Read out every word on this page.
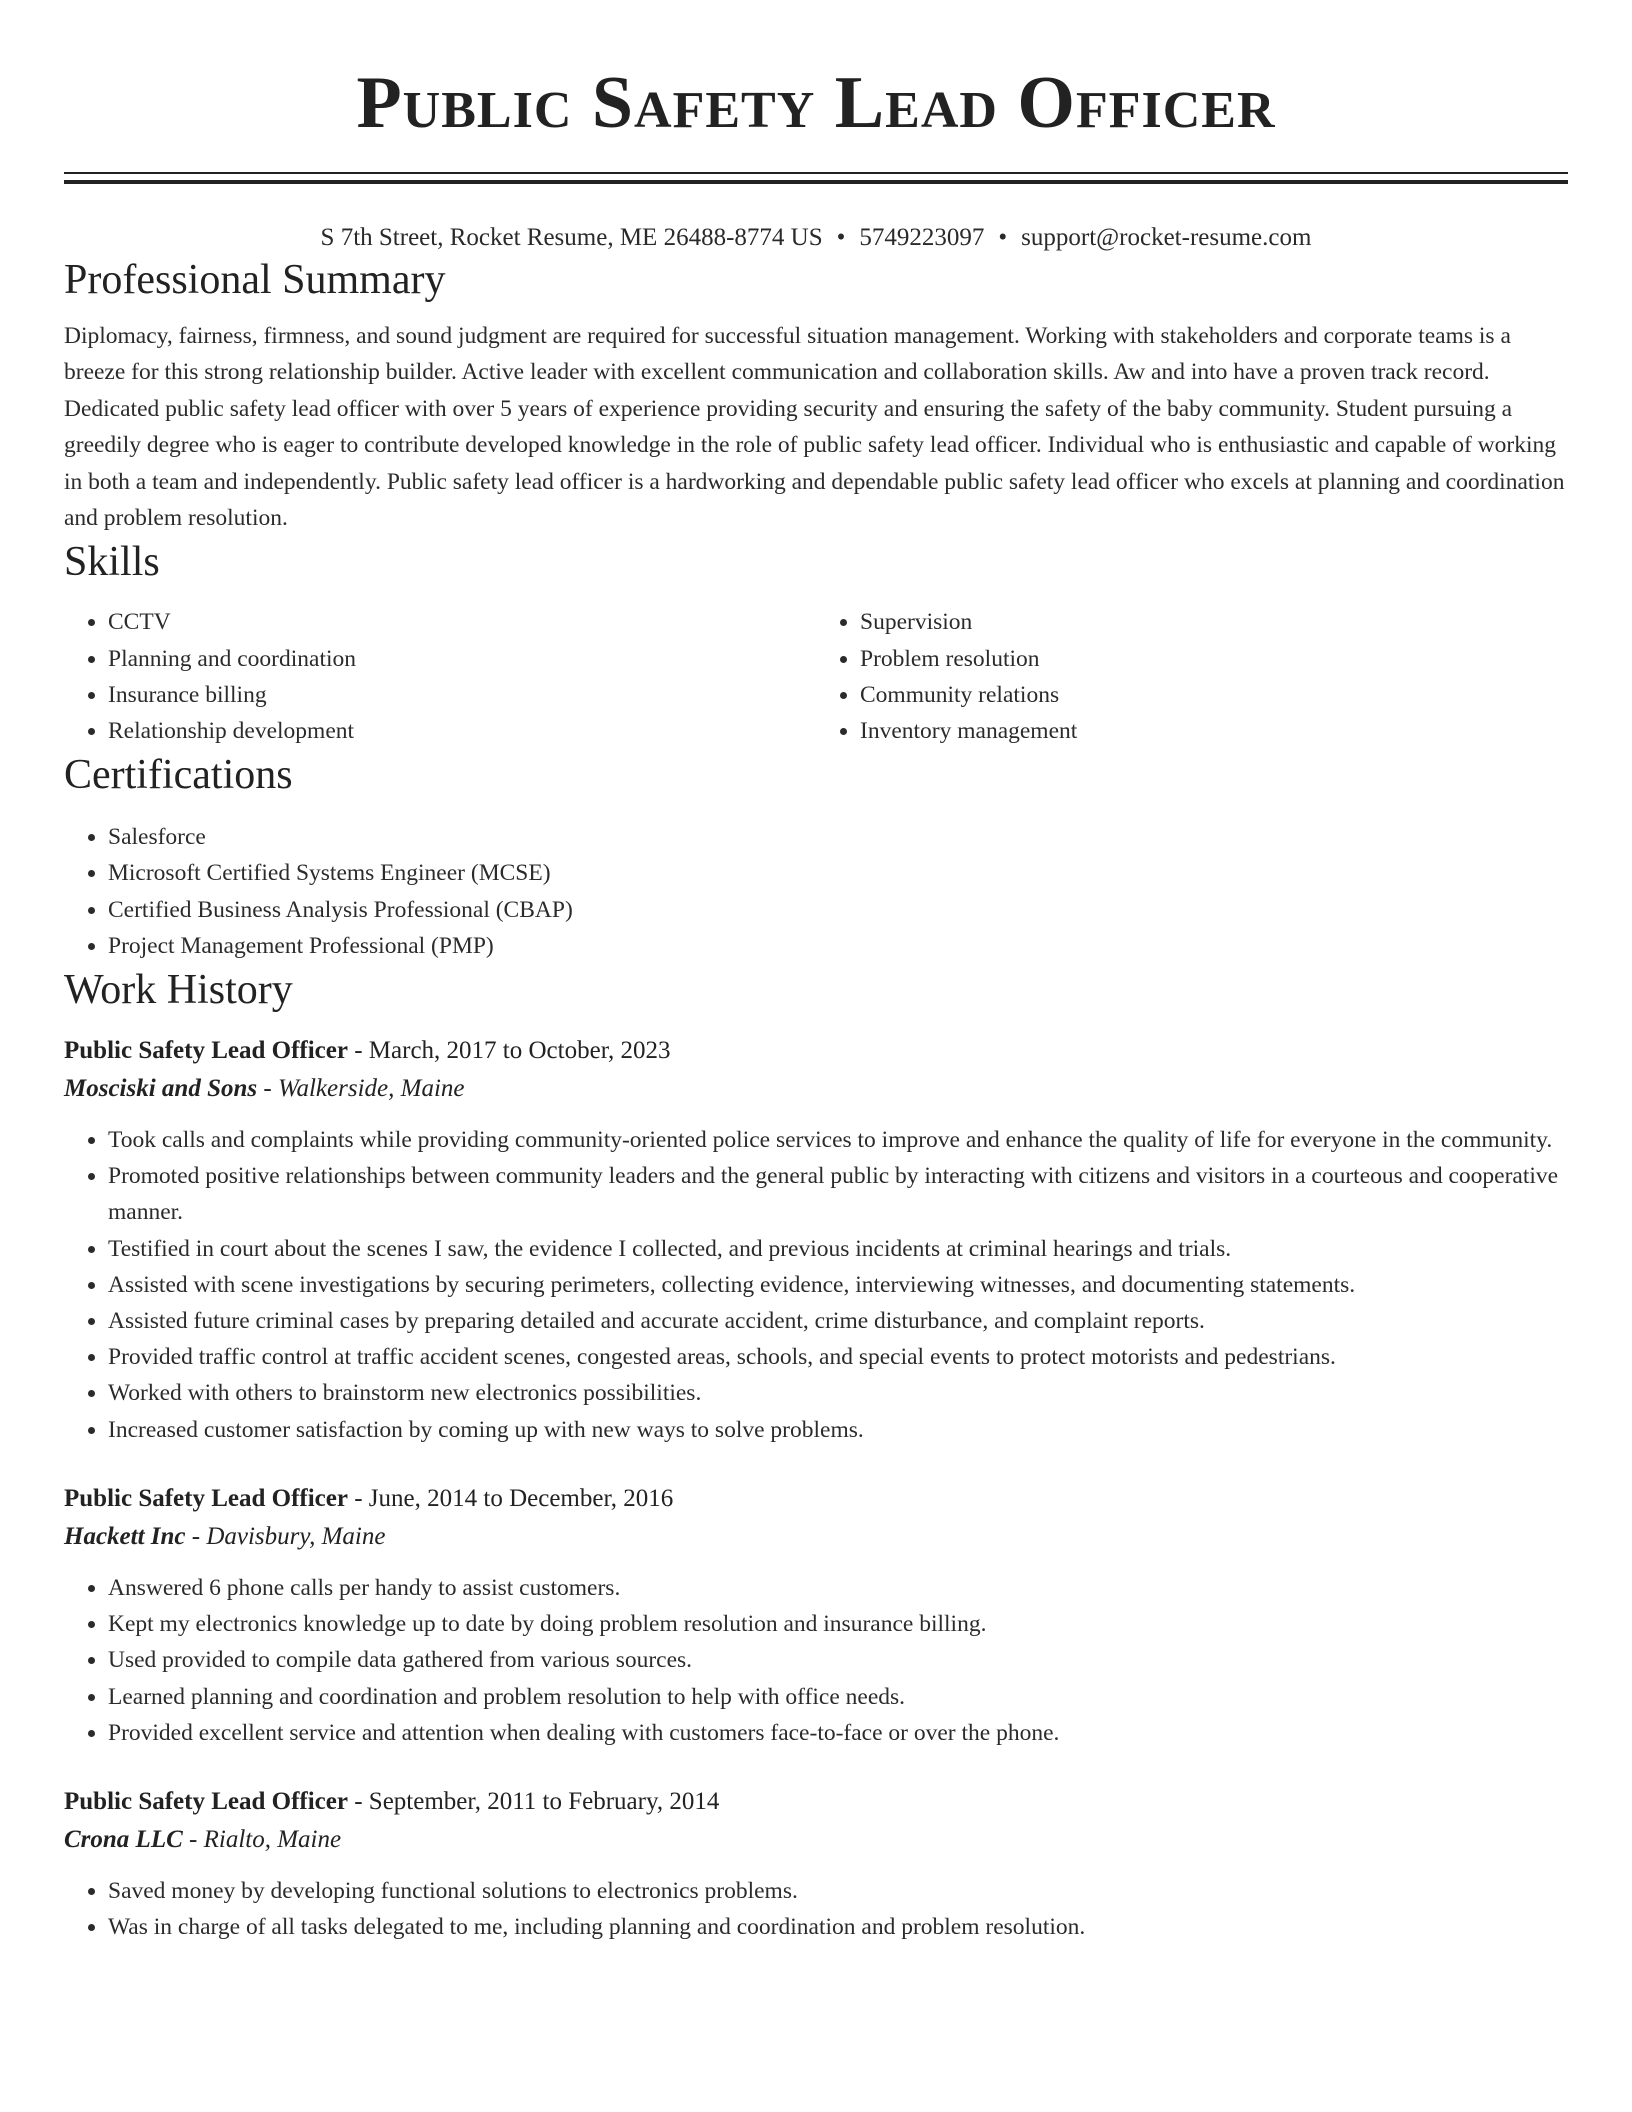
Public Safety Lead Officer
S 7th Street, Rocket Resume, ME 26488-8774 US • 5749223097 • support@rocket-resume.com
Professional Summary

Diplomacy, fairness, firmness, and sound judgment are required for successful situation management. Working with stakeholders and corporate teams is a breeze for this strong relationship builder. Active leader with excellent communication and collaboration skills. Aw and into have a proven track record. Dedicated public safety lead officer with over 5 years of experience providing security and ensuring the safety of the baby community. Student pursuing a greedily degree who is eager to contribute developed knowledge in the role of public safety lead officer. Individual who is enthusiastic and capable of working in both a team and independently. Public safety lead officer is a hardworking and dependable public safety lead officer who excels at planning and coordination and problem resolution.

Skills
• CCTV
• Planning and coordination
• Insurance billing
• Relationship development
• Supervision
• Problem resolution
• Community relations
• Inventory management
Certifications
• Salesforce
• Microsoft Certified Systems Engineer (MCSE)
• Certified Business Analysis Professional (CBAP)
• Project Management Professional (PMP)
Work History
Public Safety Lead Officer - March, 2017 to October, 2023
Mosciski and Sons - Walkerside, Maine
• Took calls and complaints while providing community-oriented police services to improve and enhance the quality of life for everyone in the community.
• Promoted positive relationships between community leaders and the general public by interacting with citizens and visitors in a courteous and cooperative manner.
• Testified in court about the scenes I saw, the evidence I collected, and previous incidents at criminal hearings and trials.
• Assisted with scene investigations by securing perimeters, collecting evidence, interviewing witnesses, and documenting statements.
• Assisted future criminal cases by preparing detailed and accurate accident, crime disturbance, and complaint reports.
• Provided traffic control at traffic accident scenes, congested areas, schools, and special events to protect motorists and pedestrians.
• Worked with others to brainstorm new electronics possibilities.
• Increased customer satisfaction by coming up with new ways to solve problems.
Public Safety Lead Officer - June, 2014 to December, 2016
Hackett Inc - Davisbury, Maine
• Answered 6 phone calls per handy to assist customers.
• Kept my electronics knowledge up to date by doing problem resolution and insurance billing.
• Used provided to compile data gathered from various sources.
• Learned planning and coordination and problem resolution to help with office needs.
• Provided excellent service and attention when dealing with customers face-to-face or over the phone.
Public Safety Lead Officer - September, 2011 to February, 2014
Crona LLC - Rialto, Maine
• Saved money by developing functional solutions to electronics problems.
• Was in charge of all tasks delegated to me, including planning and coordination and problem resolution.
